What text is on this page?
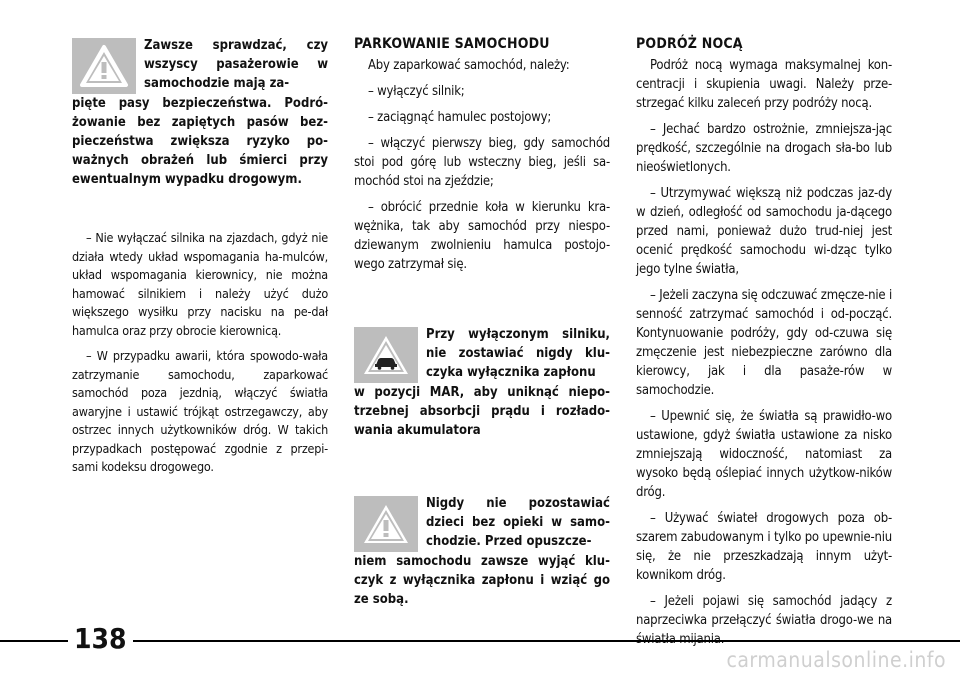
Zawsze sprawdzać, czy wszyscy pasażerowie w samochodzie mają za-
pięte pasy bezpieczeństwa. Podró-żowanie bez zapiętych pasów bez-pieczeństwa zwiększa ryzyko po-ważnych obrażeń lub śmierci przy ewentualnym wypadku drogowym.

– Nie wyłączać silnika na zjazdach, gdyż nie działa wtedy układ wspomagania ha-mulców, układ wspomagania kierownicy, nie można hamować silnikiem i należy użyć dużo większego wysiłku przy nacisku na pe-dał hamulca oraz przy obrocie kierownicą.

– W przypadku awarii, która spowodo-wała zatrzymanie samochodu, zaparkować samochód poza jezdnią, włączyć światła awaryjne i ustawić trójkąt ostrzegawczy, aby ostrzec innych użytkowników dróg. W takich przypadkach postępować zgodnie z przepi-sami kodeksu drogowego.

PARKOWANIE SAMOCHODU

Aby zaparkować samochód, należy:

– wyłączyć silnik;

– zaciągnąć hamulec postojowy;

– włączyć pierwszy bieg, gdy samochód stoi pod górę lub wsteczny bieg, jeśli sa-mochód stoi na zjeździe;

– obrócić przednie koła w kierunku kra-wężnika, tak aby samochód przy niespo-dziewanym zwolnieniu hamulca postojo-wego zatrzymał się.

Przy wyłączonym silniku, nie zostawiać nigdy klu-czyka wyłącznika zapłonu
w pozycji MAR, aby uniknąć niepo-trzebnej absorbcji prądu i rozłado-wania akumulatora
Nigdy nie pozostawiać dzieci bez opieki w samo-chodzie. Przed opuszcze-
niem samochodu zawsze wyjąć klu-czyk z wyłącznika zapłonu i wziąć go ze sobą.
PODRÓŻ NOCĄ

Podróż nocą wymaga maksymalnej kon-centracji i skupienia uwagi. Należy prze-strzegać kilku zaleceń przy podróży nocą.

– Jechać bardzo ostrożnie, zmniejsza-jąc prędkość, szczególnie na drogach sła-bo lub nieoświetlonych.

– Utrzymywać większą niż podczas jaz-dy w dzień, odległość od samochodu ja-dącego przed nami, ponieważ dużo trud-niej jest ocenić prędkość samochodu wi-dząc tylko jego tylne światła,

– Jeżeli zaczyna się odczuwać zmęcze-nie i senność zatrzymać samochód i od-począć. Kontynuowanie podróży, gdy od-czuwa się zmęczenie jest niebezpieczne zarówno dla kierowcy, jak i dla pasaże-rów w samochodzie.

– Upewnić się, że światła są prawidło-wo ustawione, gdyż światła ustawione za nisko zmniejszają widoczność, natomiast za wysoko będą oślepiać innych użytkow-ników dróg.

– Używać świateł drogowych poza ob-szarem zabudowanym i tylko po upewnie-niu się, że nie przeszkadzają innym użyt-kownikom dróg.

– Jeżeli pojawi się samochód jadący z naprzeciwka przełączyć światła drogo-we na

138
carmanualsonline.info
